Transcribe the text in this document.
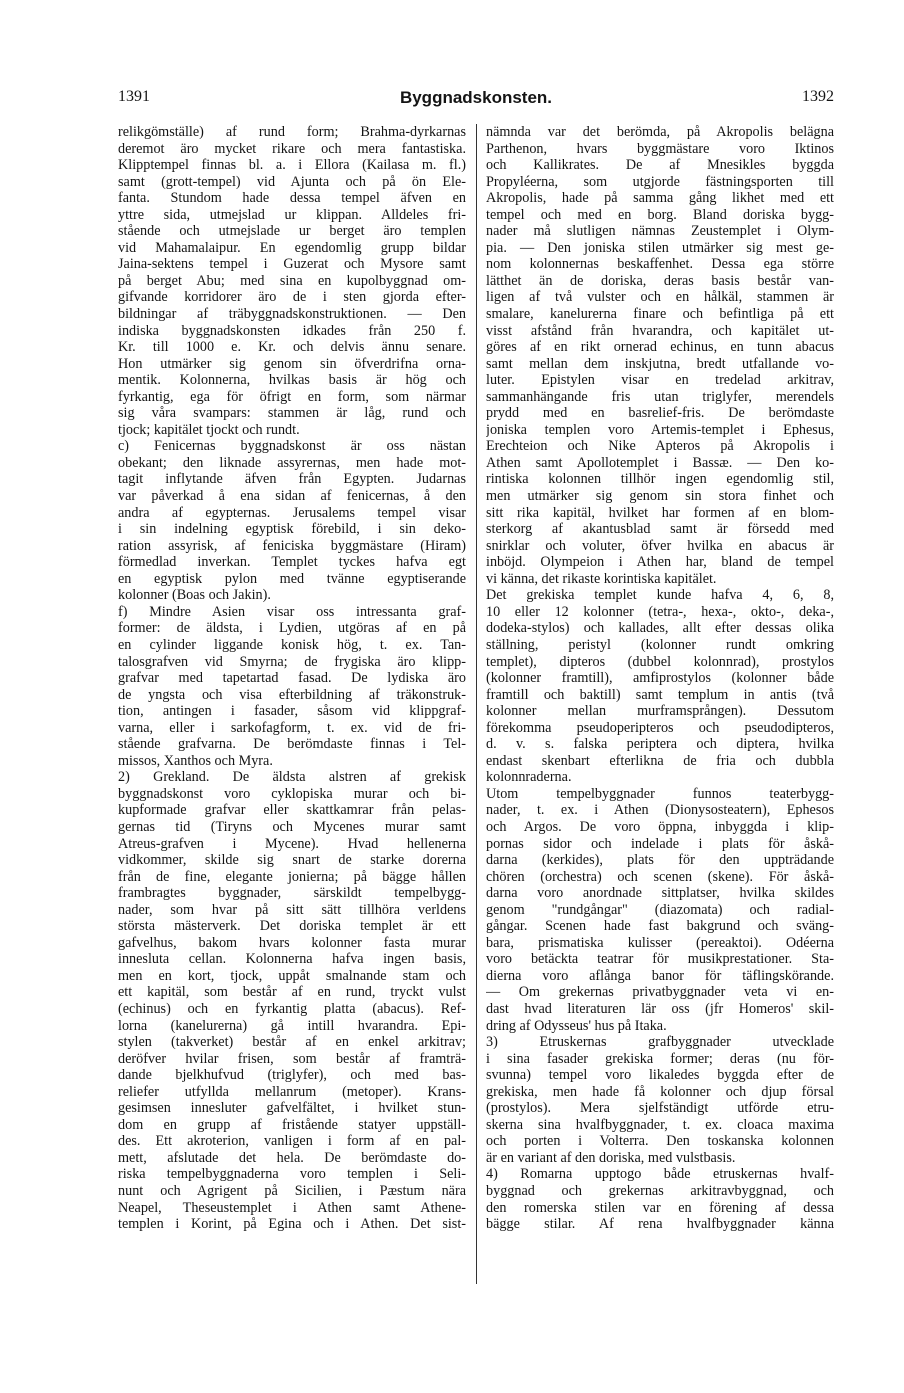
1391	Byggnadskonsten.	1392
relikgömställe) af rund form; Brahma-dyrkarnas
deremot äro mycket rikare och mera fantastiska.
Klipptempel finnas bl. a. i Ellora (Kailasa m. fl.)
samt (grott-tempel) vid Ajunta och på ön Ele-
fanta. Stundom hade dessa tempel äfven en
yttre sida, utmejslad ur klippan. Alldeles fri-
stående och utmejslade ur berget äro templen
vid Mahamalaipur. En egendomlig grupp bildar
Jaina-sektens tempel i Guzerat och Mysore samt
på berget Abu; med sina en kupolbyggnad om-
gifvande korridorer äro de i sten gjorda efter-
bildningar af träbyggnadskonstruktionen. — Den
indiska byggnadskonsten idkades från 250 f.
Kr. till 1000 e. Kr. och delvis ännu senare.
Hon utmärker sig genom sin öfverdrifna orna-
mentik. Kolonnerna, hvilkas basis är hög och
fyrkantig, ega för öfrigt en form, som närmar
sig våra svampars: stammen är låg, rund och
tjock; kapitälet tjockt och rundt.
c) Fenicernas byggnadskonst är oss nästan
obekant; den liknade assyrernas, men hade mot-
tagit inflytande äfven från Egypten. Judarnas
var påverkad å ena sidan af fenicernas, å den
andra af egypternas. Jerusalems tempel visar
i sin indelning egyptisk förebild, i sin deko-
ration assyrisk, af feniciska byggmästare (Hiram)
förmedlad inverkan. Templet tyckes hafva egt
en egyptisk pylon med tvänne egyptiserande
kolonner (Boas och Jakin).
f) Mindre Asien visar oss intressanta graf-
former: de äldsta, i Lydien, utgöras af en på
en cylinder liggande konisk hög, t. ex. Tan-
talosgrafven vid Smyrna; de frygiska äro klipp-
grafvar med tapetartad fasad. De lydiska äro
de yngsta och visa efterbildning af träkonstruk-
tion, antingen i fasader, såsom vid klippgraf-
varna, eller i sarkofagform, t. ex. vid de fri-
stående grafvarna. De berömdaste finnas i Tel-
missos, Xanthos och Myra.
2) Grekland. De äldsta alstren af grekisk
byggnadskonst voro cyklopiska murar och bi-
kupformade grafvar eller skattkamrar från pelas-
gernas tid (Tiryns och Mycenes murar samt
Atreus-grafven i Mycene). Hvad hellenerna
vidkommer, skilde sig snart de starke dorerna
från de fine, elegante jonierna; på bägge hållen
frambragtes byggnader, särskildt tempelbygg-
nader, som hvar på sitt sätt tillhöra verldens
största mästerverk. Det doriska templet är ett
gafvelhus, bakom hvars kolonner fasta murar
innesluta cellan. Kolonnerna hafva ingen basis,
men en kort, tjock, uppåt smalnande stam och
ett kapitäl, som består af en rund, tryckt vulst
(echinus) och en fyrkantig platta (abacus). Ref-
lorna (kanelurerna) gå intill hvarandra. Epi-
stylen (takverket) består af en enkel arkitrav;
deröfver hvilar frisen, som består af framträ-
dande bjelkhufvud (triglyfer), och med bas-
reliefer utfyllda mellanrum (metoper). Krans-
gesimsen innesluter gafvelfältet, i hvilket stun-
dom en grupp af fristående statyer uppställ-
des. Ett akroterion, vanligen i form af en pal-
mett, afslutade det hela. De berömdaste do-
riska tempelbyggnaderna voro templen i Seli-
nunt och Agrigent på Sicilien, i Pæstum nära
Neapel, Theseustemplet i Athen samt Athene-
templen i Korint, på Egina och i Athen. Det sist-
nämnda var det berömda, på Akropolis belägna
Parthenon, hvars byggmästare voro Iktinos
och Kallikrates. De af Mnesikles byggda
Propyléerna, som utgjorde fästningsporten till
Akropolis, hade på samma gång likhet med ett
tempel och med en borg. Bland doriska bygg-
nader må slutligen nämnas Zeustemplet i Olym-
pia. — Den joniska stilen utmärker sig mest ge-
nom kolonnernas beskaffenhet. Dessa ega större
lätthet än de doriska, deras basis består van-
ligen af två vulster och en hålkäl, stammen är
smalare, kanelurerna finare och befintliga på ett
visst afstånd från hvarandra, och kapitälet ut-
göres af en rikt ornerad echinus, en tunn abacus
samt mellan dem inskjutna, bredt utfallande vo-
luter. Epistylen visar en tredelad arkitrav,
sammanhängande fris utan triglyfer, merendels
prydd med en basrelief-fris. De berömdaste
joniska templen voro Artemis-templet i Ephesus,
Erechteion och Nike Apteros på Akropolis i
Athen samt Apollotemplet i Bassæ. — Den ko-
rintiska kolonnen tillhör ingen egendomlig stil,
men utmärker sig genom sin stora finhet och
sitt rika kapitäl, hvilket har formen af en blom-
sterkorg af akantusblad samt är försedd med
snirklar och voluter, öfver hvilka en abacus är
inböjd. Olympeion i Athen har, bland de tempel
vi känna, det rikaste korintiska kapitälet.
Det grekiska templet kunde hafva 4, 6, 8,
10 eller 12 kolonner (tetra-, hexa-, okto-, deka-,
dodeka-stylos) och kallades, allt efter dessas olika
ställning, peristyl (kolonner rundt omkring
templet), dipteros (dubbel kolonnrad), prostylos
(kolonner framtill), amfiprostylos (kolonner både
framtill och baktill) samt templum in antis (två
kolonner mellan murframsprången). Dessutom
förekomma pseudoperipteros och pseudodipteros,
d. v. s. falska periptera och diptera, hvilka
endast skenbart efterlikna de fria och dubbla
kolonnraderna.
Utom tempelbyggnader funnos teaterbygg-
nader, t. ex. i Athen (Dionysosteatern), Ephesos
och Argos. De voro öppna, inbyggda i klip-
pornas sidor och indelade i plats för åskå-
darna (kerkides), plats för den uppträdande
chören (orchestra) och scenen (skene). För åskå-
darna voro anordnade sittplatser, hvilka skildes
genom "rundgångar" (diazomata) och radial-
gångar. Scenen hade fast bakgrund och sväng-
bara, prismatiska kulisser (pereaktoi). Odéerna
voro betäckta teatrar för musikprestationer. Sta-
dierna voro aflånga banor för täflingskörande.
— Om grekernas privatbyggnader veta vi en-
dast hvad literaturen lär oss (jfr Homeros' skil-
dring af Odysseus' hus på Itaka.
3) Etruskernas grafbyggnader utvecklade
i sina fasader grekiska former; deras (nu för-
svunna) tempel voro likaledes byggda efter de
grekiska, men hade få kolonner och djup försal
(prostylos). Mera sjelfständigt utförde etru-
skerna sina hvalfbyggnader, t. ex. cloaca maxima
och porten i Volterra. Den toskanska kolonnen
är en variant af den doriska, med vulstbasis.
4) Romarna upptogo både etruskernas hvalf-
byggnad och grekernas arkitravbyggnad, och
den romerska stilen var en förening af dessa
bägge stilar. Af rena hvalfbyggnader känna
